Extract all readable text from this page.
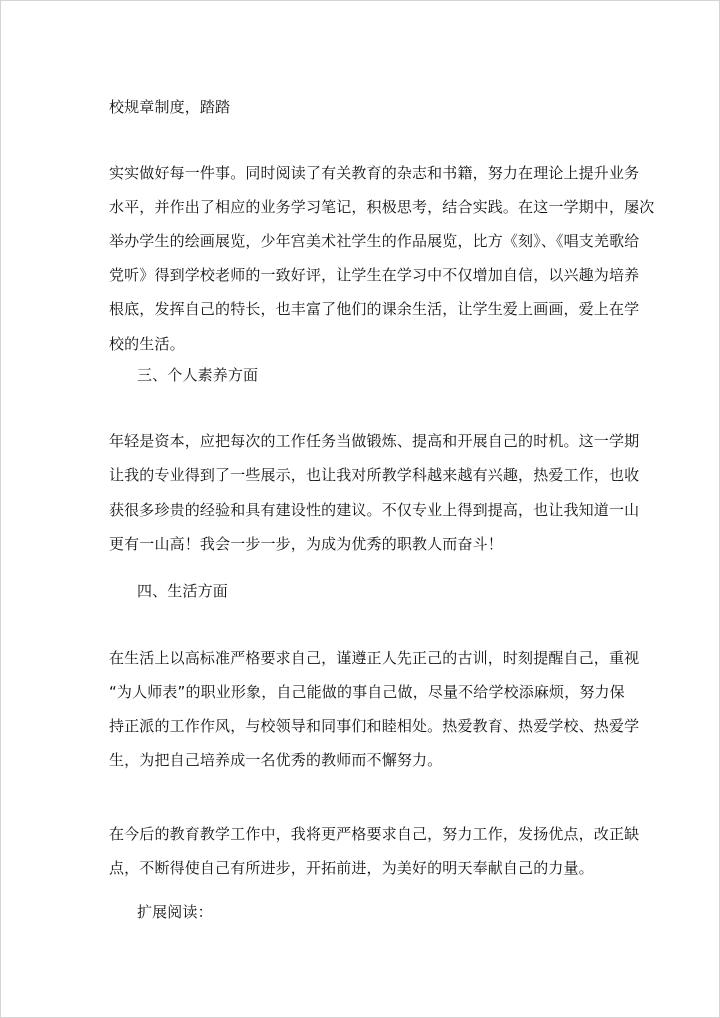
校规章制度，踏踏
实实做好每一件事。同时阅读了有关教育的杂志和书籍，努力在理论上提升业务
水平，并作出了相应的业务学习笔记，积极思考，结合实践。在这一学期中，屡次
举办学生的绘画展览，少年宫美术社学生的作品展览，比方《刻》、《唱支羌歌给
党听》得到学校老师的一致好评，让学生在学习中不仅增加自信，以兴趣为培养
根底，发挥自己的特长，也丰富了他们的课余生活，让学生爱上画画，爱上在学
校的生活。
三、个人素养方面
年轻是资本，应把每次的工作任务当做锻炼、提高和开展自己的时机。这一学期
让我的专业得到了一些展示，也让我对所教学科越来越有兴趣，热爱工作，也收
获很多珍贵的经验和具有建设性的建议。不仅专业上得到提高，也让我知道一山
更有一山高！我会一步一步，为成为优秀的职教人而奋斗！
四、生活方面
在生活上以高标准严格要求自己，谨遵正人先正己的古训，时刻提醒自己，重视
“为人师表”的职业形象，自己能做的事自己做，尽量不给学校添麻烦，努力保
持正派的工作作风，与校领导和同事们和睦相处。热爱教育、热爱学校、热爱学
生，为把自己培养成一名优秀的教师而不懈努力。
在今后的教育教学工作中，我将更严格要求自己，努力工作，发扬优点，改正缺
点，不断得使自己有所进步，开拓前进，为美好的明天奉献自己的力量。
扩展阅读：
